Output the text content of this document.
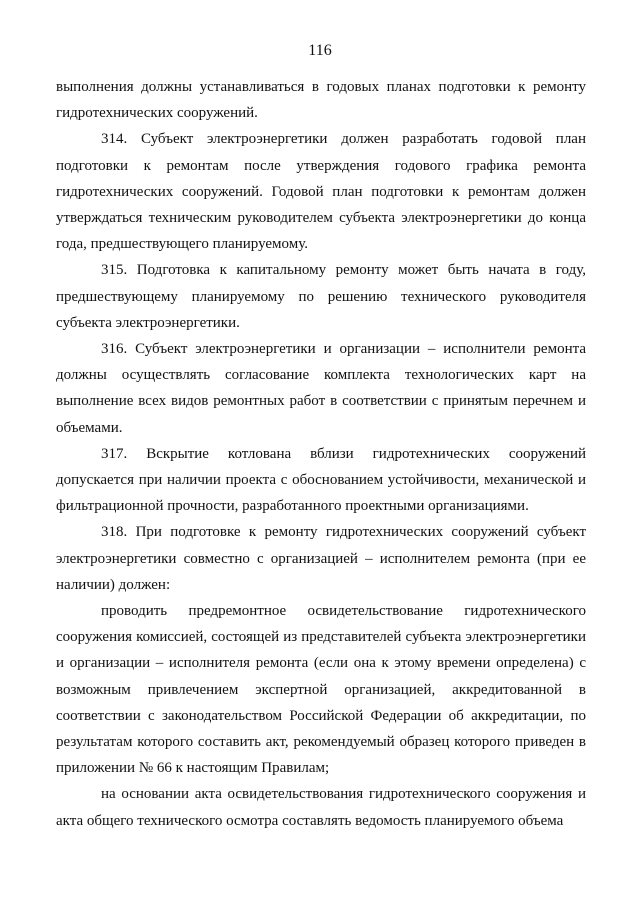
116

выполнения должны устанавливаться в годовых планах подготовки к ремонту гидротехнических сооружений.

314. Субъект электроэнергетики должен разработать годовой план подготовки к ремонтам после утверждения годового графика ремонта гидротехнических сооружений. Годовой план подготовки к ремонтам должен утверждаться техническим руководителем субъекта электроэнергетики до конца года, предшествующего планируемому.

315. Подготовка к капитальному ремонту может быть начата в году, предшествующему планируемому по решению технического руководителя субъекта электроэнергетики.

316. Субъект электроэнергетики и организации – исполнители ремонта должны осуществлять согласование комплекта технологических карт на выполнение всех видов ремонтных работ в соответствии с принятым перечнем и объемами.

317. Вскрытие котлована вблизи гидротехнических сооружений допускается при наличии проекта с обоснованием устойчивости, механической и фильтрационной прочности, разработанного проектными организациями.

318. При подготовке к ремонту гидротехнических сооружений субъект электроэнергетики совместно с организацией – исполнителем ремонта (при ее наличии) должен:

проводить предремонтное освидетельствование гидротехнического сооружения комиссией, состоящей из представителей субъекта электроэнергетики и организации – исполнителя ремонта (если она к этому времени определена) с возможным привлечением экспертной организацией, аккредитованной в соответствии с законодательством Российской Федерации об аккредитации, по результатам которого составить акт, рекомендуемый образец которого приведен в приложении № 66 к настоящим Правилам;

на основании акта освидетельствования гидротехнического сооружения и акта общего технического осмотра составлять ведомость планируемого объема
